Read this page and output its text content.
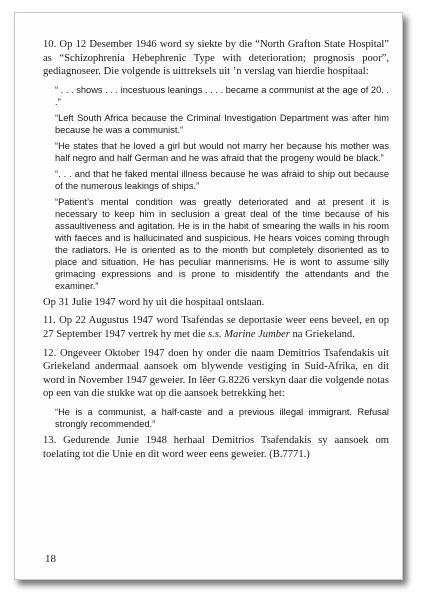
10. Op 12 Desember 1946 word sy siekte by die “North Grafton State Hospital” as “Schizophrenia Hebephrenic Type with deterioration; prognosis poor”, gediagnoseer. Die volgende is uittreksels uit ’n verslag van hierdie hospitaal:

“ . . . shows . . . incestuous leanings . . . . became a communist at the age of 20. . .”

“Left South Africa because the Criminal Investigation Department was after him because he was a communist.”

“He states that he loved a girl but would not marry her because his mother was half negro and half German and he was afraid that the progeny would be black.”

“. . . and that he faked mental illness because he was afraid to ship out because of the numerous leakings of ships.”

“Patient’s mental condition was greatly deteriorated and at present it is necessary to keep him in seclusion a great deal of the time because of his assaultiveness and agitation. He is in the habit of smearing the walls in his room with faeces and is hallucinated and suspicious. He hears voices coming through the radiators. He is oriented as to the month but completely disoriented as to place and situation. He has peculiar mannerisms. He is wont to assume silly grimacing expressions and is prone to misidentify the attendants and the examiner.”

Op 31 Julie 1947 word hy uit die hospitaal ontslaan.

11. Op 22 Augustus 1947 word Tsafendas se deportasie weer eens beveel, en op 27 September 1947 vertrek hy met die s.s. Marine Jumber na Griekeland.

12. Ongeveer Oktober 1947 doen hy onder die naam Demitrios Tsafendakis uit Griekeland andermaal aansoek om blywende vestiging in Suid-Afrika, en dit word in November 1947 geweier. In lêer G.8226 verskyn daar die volgende notas op een van die stukke wat op die aansoek betrekking het:

“He is a communist, a half-caste and a previous illegal immigrant. Refusal strongly recommended.”

13. Gedurende Junie 1948 herhaal Demitrios Tsafendakis sy aansoek om toelating tot die Unie en dit word weer eens geweier. (B.7771.)

18
